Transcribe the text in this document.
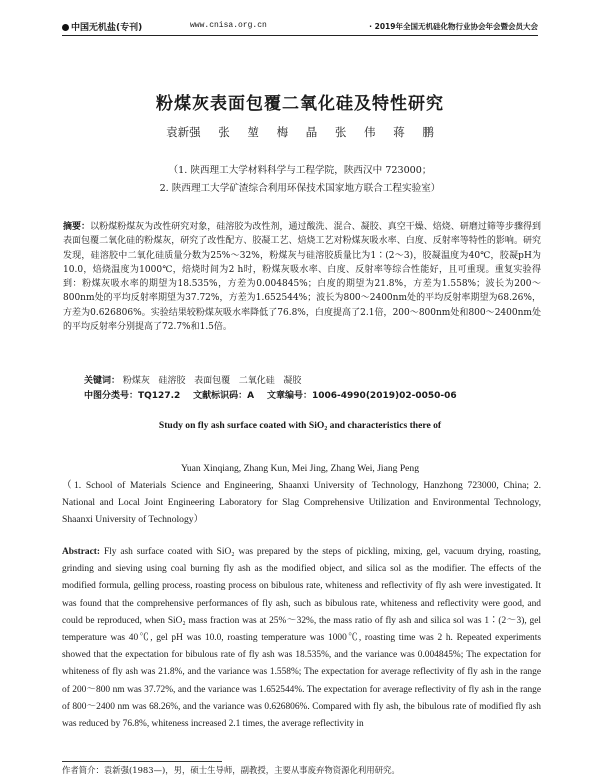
中国无机盐(专刊)	www.cnisa.org.cn	· 2019年全国无机硅化物行业协会年会暨会员大会
粉煤灰表面包覆二氧化硅及特性研究
袁新强 张 堃 梅 晶 张 伟 蒋 鹏
（1. 陕西理工大学材料科学与工程学院，陕西汉中 723000；
2. 陕西理工大学矿渣综合利用环保技术国家地方联合工程实验室）
摘要：以粉煤粉煤灰为改性研究对象，硅溶胶为改性剂，通过酸洗、混合、凝胶、真空干燥、焙烧、研磨过筛等步骤得到表面包覆二氧化硅的粉煤灰，研究了改性配方、胶凝工艺、焙烧工艺对粉煤灰吸水率、白度、反射率等特性的影响。研究发现，硅溶胶中二氧化硅质量分数为25%～32%，粉煤灰与硅溶胶质量比为1∶(2～3)，胶凝温度为40℃，胶凝pH为10.0，焙烧温度为1000℃，焙烧时间为2 h时，粉煤灰吸水率、白度、反射率等综合性能好，且可重现。重复实验得到：粉煤灰吸水率的期望为18.535%，方差为0.004845%；白度的期望为21.8%，方差为1.558%；波长为200～800nm处的平均反射率期望为37.72%，方差为1.652544%；波长为800～2400nm处的平均反射率期望为68.26%，方差为0.626806%。实验结果较粉煤灰吸水率降低了76.8%，白度提高了2.1倍，200～800nm处和800～2400nm处的平均反射率分别提高了72.7%和1.5倍。
关键词： 粉煤灰 硅溶胶 表面包覆 二氧化硅 凝胶
中图分类号：TQ127.2 文献标识码：A 文章编号：1006-4990(2019)02-0050-06
Study on fly ash surface coated with SiO₂ and characteristics there of
Yuan Xinqiang, Zhang Kun, Mei Jing, Zhang Wei, Jiang Peng
（1. School of Materials Science and Engineering, Shaanxi University of Technology, Hanzhong 723000, China; 2. National and Local Joint Engineering Laboratory for Slag Comprehensive Utilization and Environmental Technology, Shaanxi University of Technology）
Abstract: Fly ash surface coated with SiO₂ was prepared by the steps of pickling, mixing, gel, vacuum drying, roasting, grinding and sieving using coal burning fly ash as the modified object, and silica sol as the modifier. The effects of the modified formula, gelling process, roasting process on bibulous rate, whiteness and reflectivity of fly ash were investigated. It was found that the comprehensive performances of fly ash, such as bibulous rate, whiteness and reflectivity were good, and could be reproduced, when SiO₂ mass fraction was at 25%～32%, the mass ratio of fly ash and silica sol was 1∶(2～3), gel temperature was 40℃, gel pH was 10.0, roasting temperature was 1000℃, roasting time was 2 h. Repeated experiments showed that the expectation for bibulous rate of fly ash was 18.535%, and the variance was 0.004845%; The expectation for whiteness of fly ash was 21.8%, and the variance was 1.558%; The expectation for average reflectivity of fly ash in the range of 200～800 nm was 37.72%, and the variance was 1.652544%. The expectation for average reflectivity of fly ash in the range of 800～2400 nm was 68.26%, and the variance was 0.626806%. Compared with fly ash, the bibulous rate of modified fly ash was reduced by 76.8%, whiteness increased 2.1 times, the average reflectivity in
作者简介：袁新强(1983—)，男，硕士生导师，副教授，主要从事废弃物资源化利用研究。
